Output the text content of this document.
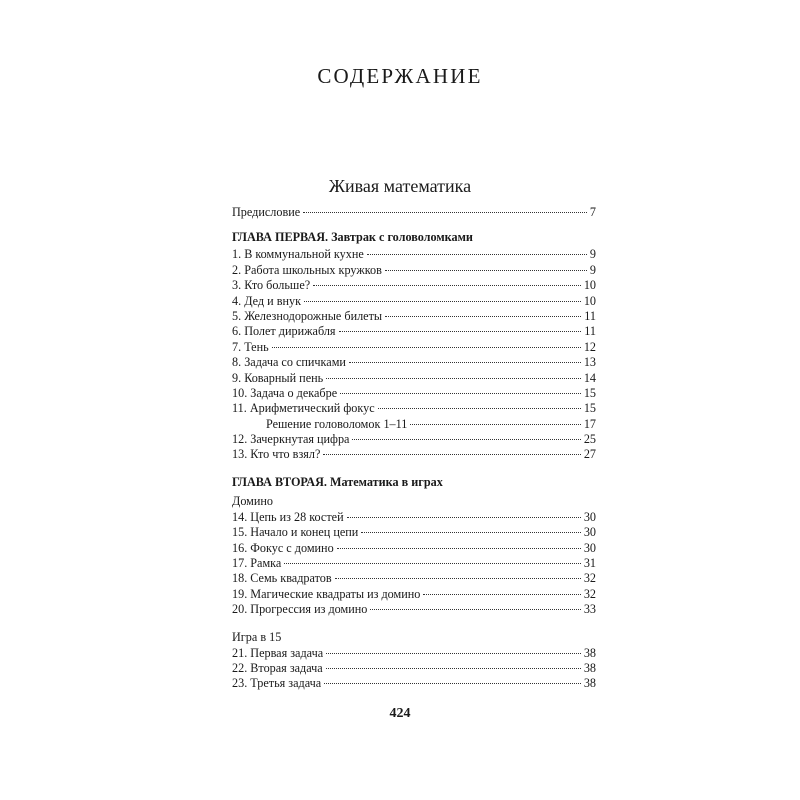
СОДЕРЖАНИЕ
Живая математика
Предисловие	7
ГЛАВА ПЕРВАЯ. Завтрак с головоломками
1. В коммунальной кухне	9
2. Работа школьных кружков	9
3. Кто больше?	10
4. Дед и внук	10
5. Железнодорожные билеты	11
6. Полет дирижабля	11
7. Тень	12
8. Задача со спичками	13
9. Коварный пень	14
10. Задача о декабре	15
11. Арифметический фокус	15
Решение головоломок 1–11	17
12. Зачеркнутая цифра	25
13. Кто что взял?	27
ГЛАВА ВТОРАЯ. Математика в играх
Домино
14. Цепь из 28 костей	30
15. Начало и конец цепи	30
16. Фокус с домино	30
17. Рамка	31
18. Семь квадратов	32
19. Магические квадраты из домино	32
20. Прогрессия из домино	33
Игра в 15
21. Первая задача	38
22. Вторая задача	38
23. Третья задача	38
424
